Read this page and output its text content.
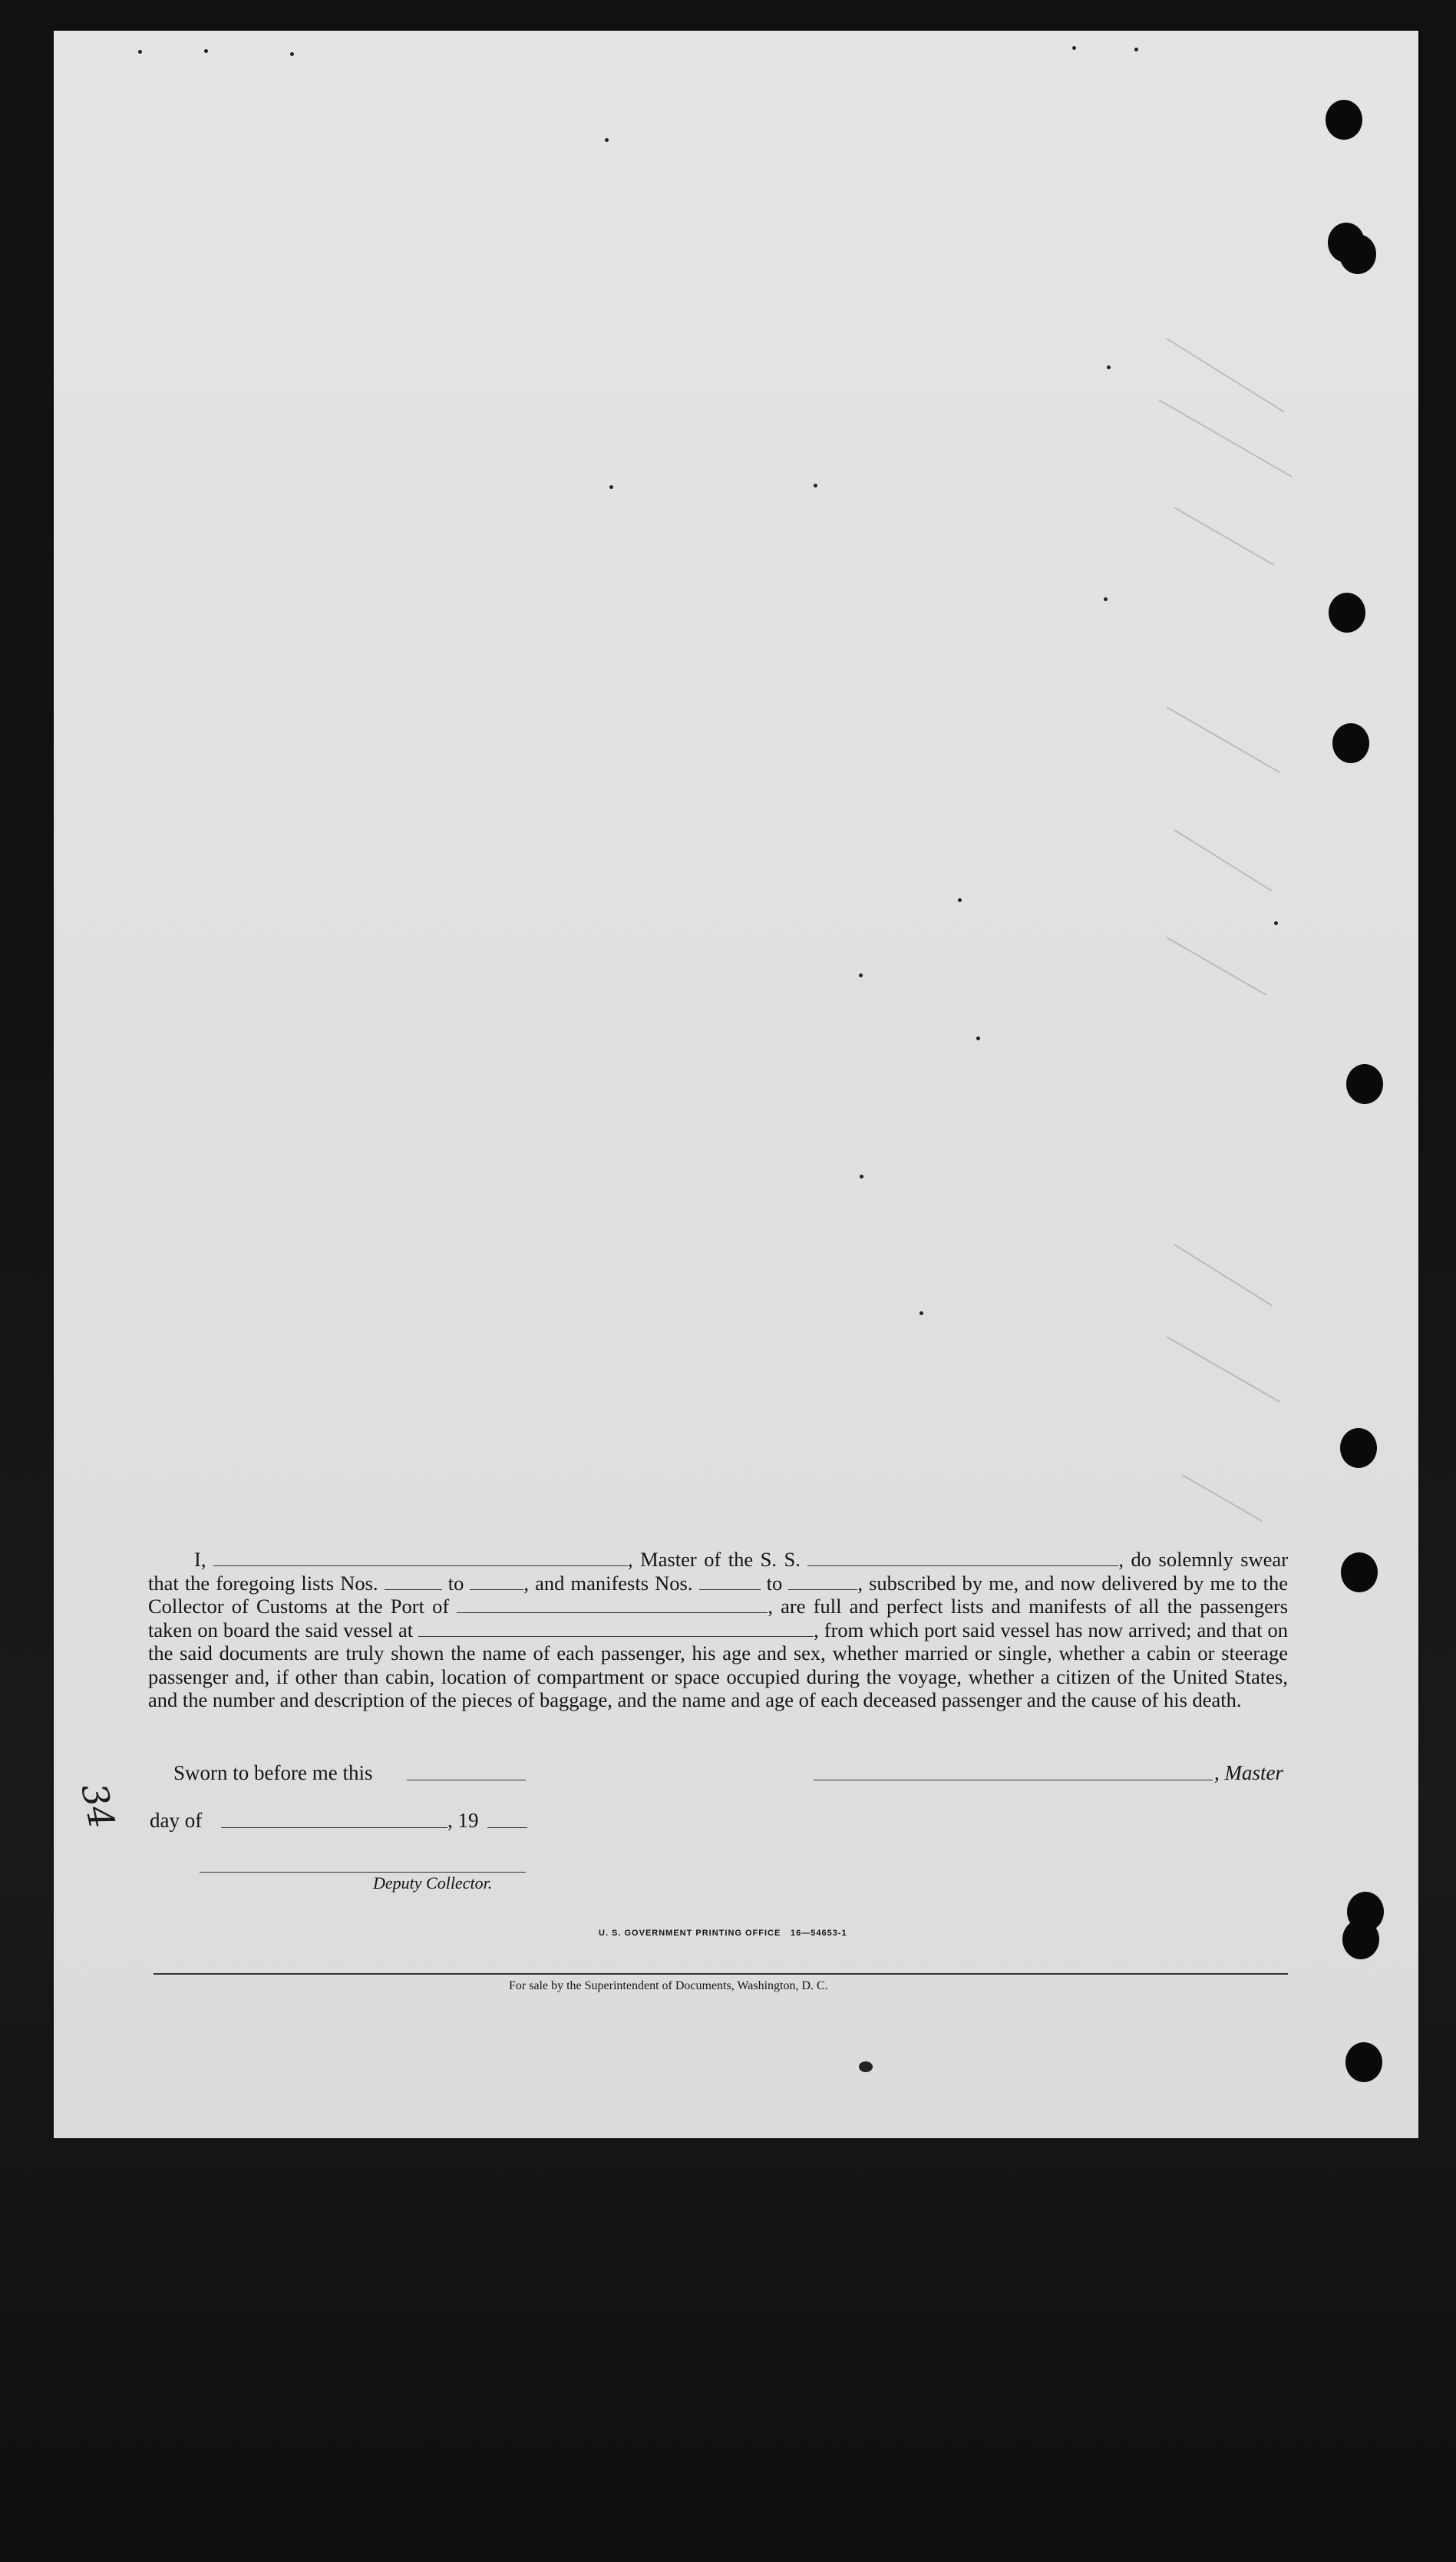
I,	, Master of the S. S.	, do solemnly swear that the foregoing lists Nos.	to	, and manifests Nos.	to	, subscribed by me, and now delivered by me to the Collector of Customs at the Port of	, are full and perfect lists and manifests of all the passengers taken on board the said vessel at	, from which port said vessel has now arrived; and that on the said documents are truly shown the name of each passenger, his age and sex, whether married or single, whether a cabin or steerage passenger and, if other than cabin, location of compartment or space occupied during the voyage, whether a citizen of the United States, and the number and description of the pieces of baggage, and the name and age of each deceased passenger and the cause of his death.
Sworn to before me this	, Master
day of	, 19
Deputy Collector.
U. S. GOVERNMENT PRINTING OFFICE 16—54653-1
For sale by the Superintendent of Documents, Washington, D. C.
34
